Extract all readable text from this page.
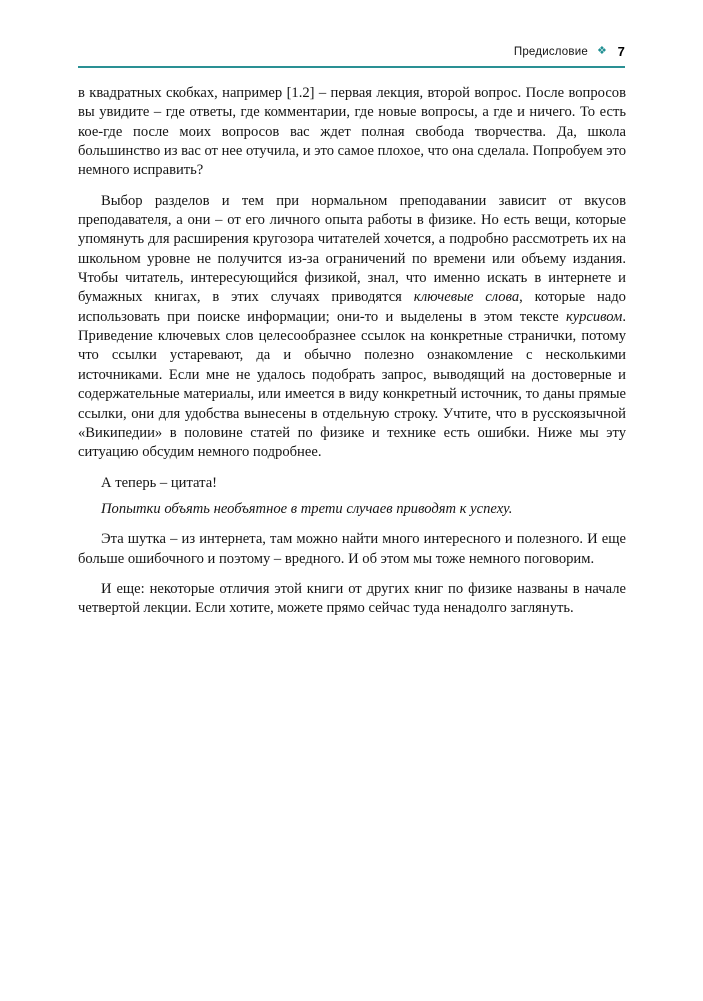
Предисловие ❖ 7

в квадратных скобках, например [1.2] – первая лекция, второй вопрос. После вопросов вы увидите – где ответы, где комментарии, где новые вопросы, а где и ничего. То есть кое-где после моих вопросов вас ждет полная свобода творчества. Да, школа большинство из вас от нее отучила, и это самое плохое, что она сделала. Попробуем это немного исправить?

Выбор разделов и тем при нормальном преподавании зависит от вкусов преподавателя, а они – от его личного опыта работы в физике. Но есть вещи, которые упомянуть для расширения кругозора читателей хочется, а подробно рассмотреть их на школьном уровне не получится из-за ограничений по времени или объему издания. Чтобы читатель, интересующийся физикой, знал, что именно искать в интернете и бумажных книгах, в этих случаях приводятся ключевые слова, которые надо использовать при поиске информации; они-то и выделены в этом тексте курсивом. Приведение ключевых слов целесообразнее ссылок на конкретные странички, потому что ссылки устаревают, да и обычно полезно ознакомление с несколькими источниками. Если мне не удалось подобрать запрос, выводящий на достоверные и содержательные материалы, или имеется в виду конкретный источник, то даны прямые ссылки, они для удобства вынесены в отдельную строку. Учтите, что в русскоязычной «Википедии» в половине статей по физике и технике есть ошибки. Ниже мы эту ситуацию обсудим немного подробнее.

А теперь – цитата!

Попытки объять необъятное в трети случаев приводят к успеху.

Эта шутка – из интернета, там можно найти много интересного и полезного. И еще больше ошибочного и поэтому – вредного. И об этом мы тоже немного поговорим.

И еще: некоторые отличия этой книги от других книг по физике названы в начале четвертой лекции. Если хотите, можете прямо сейчас туда ненадолго заглянуть.
